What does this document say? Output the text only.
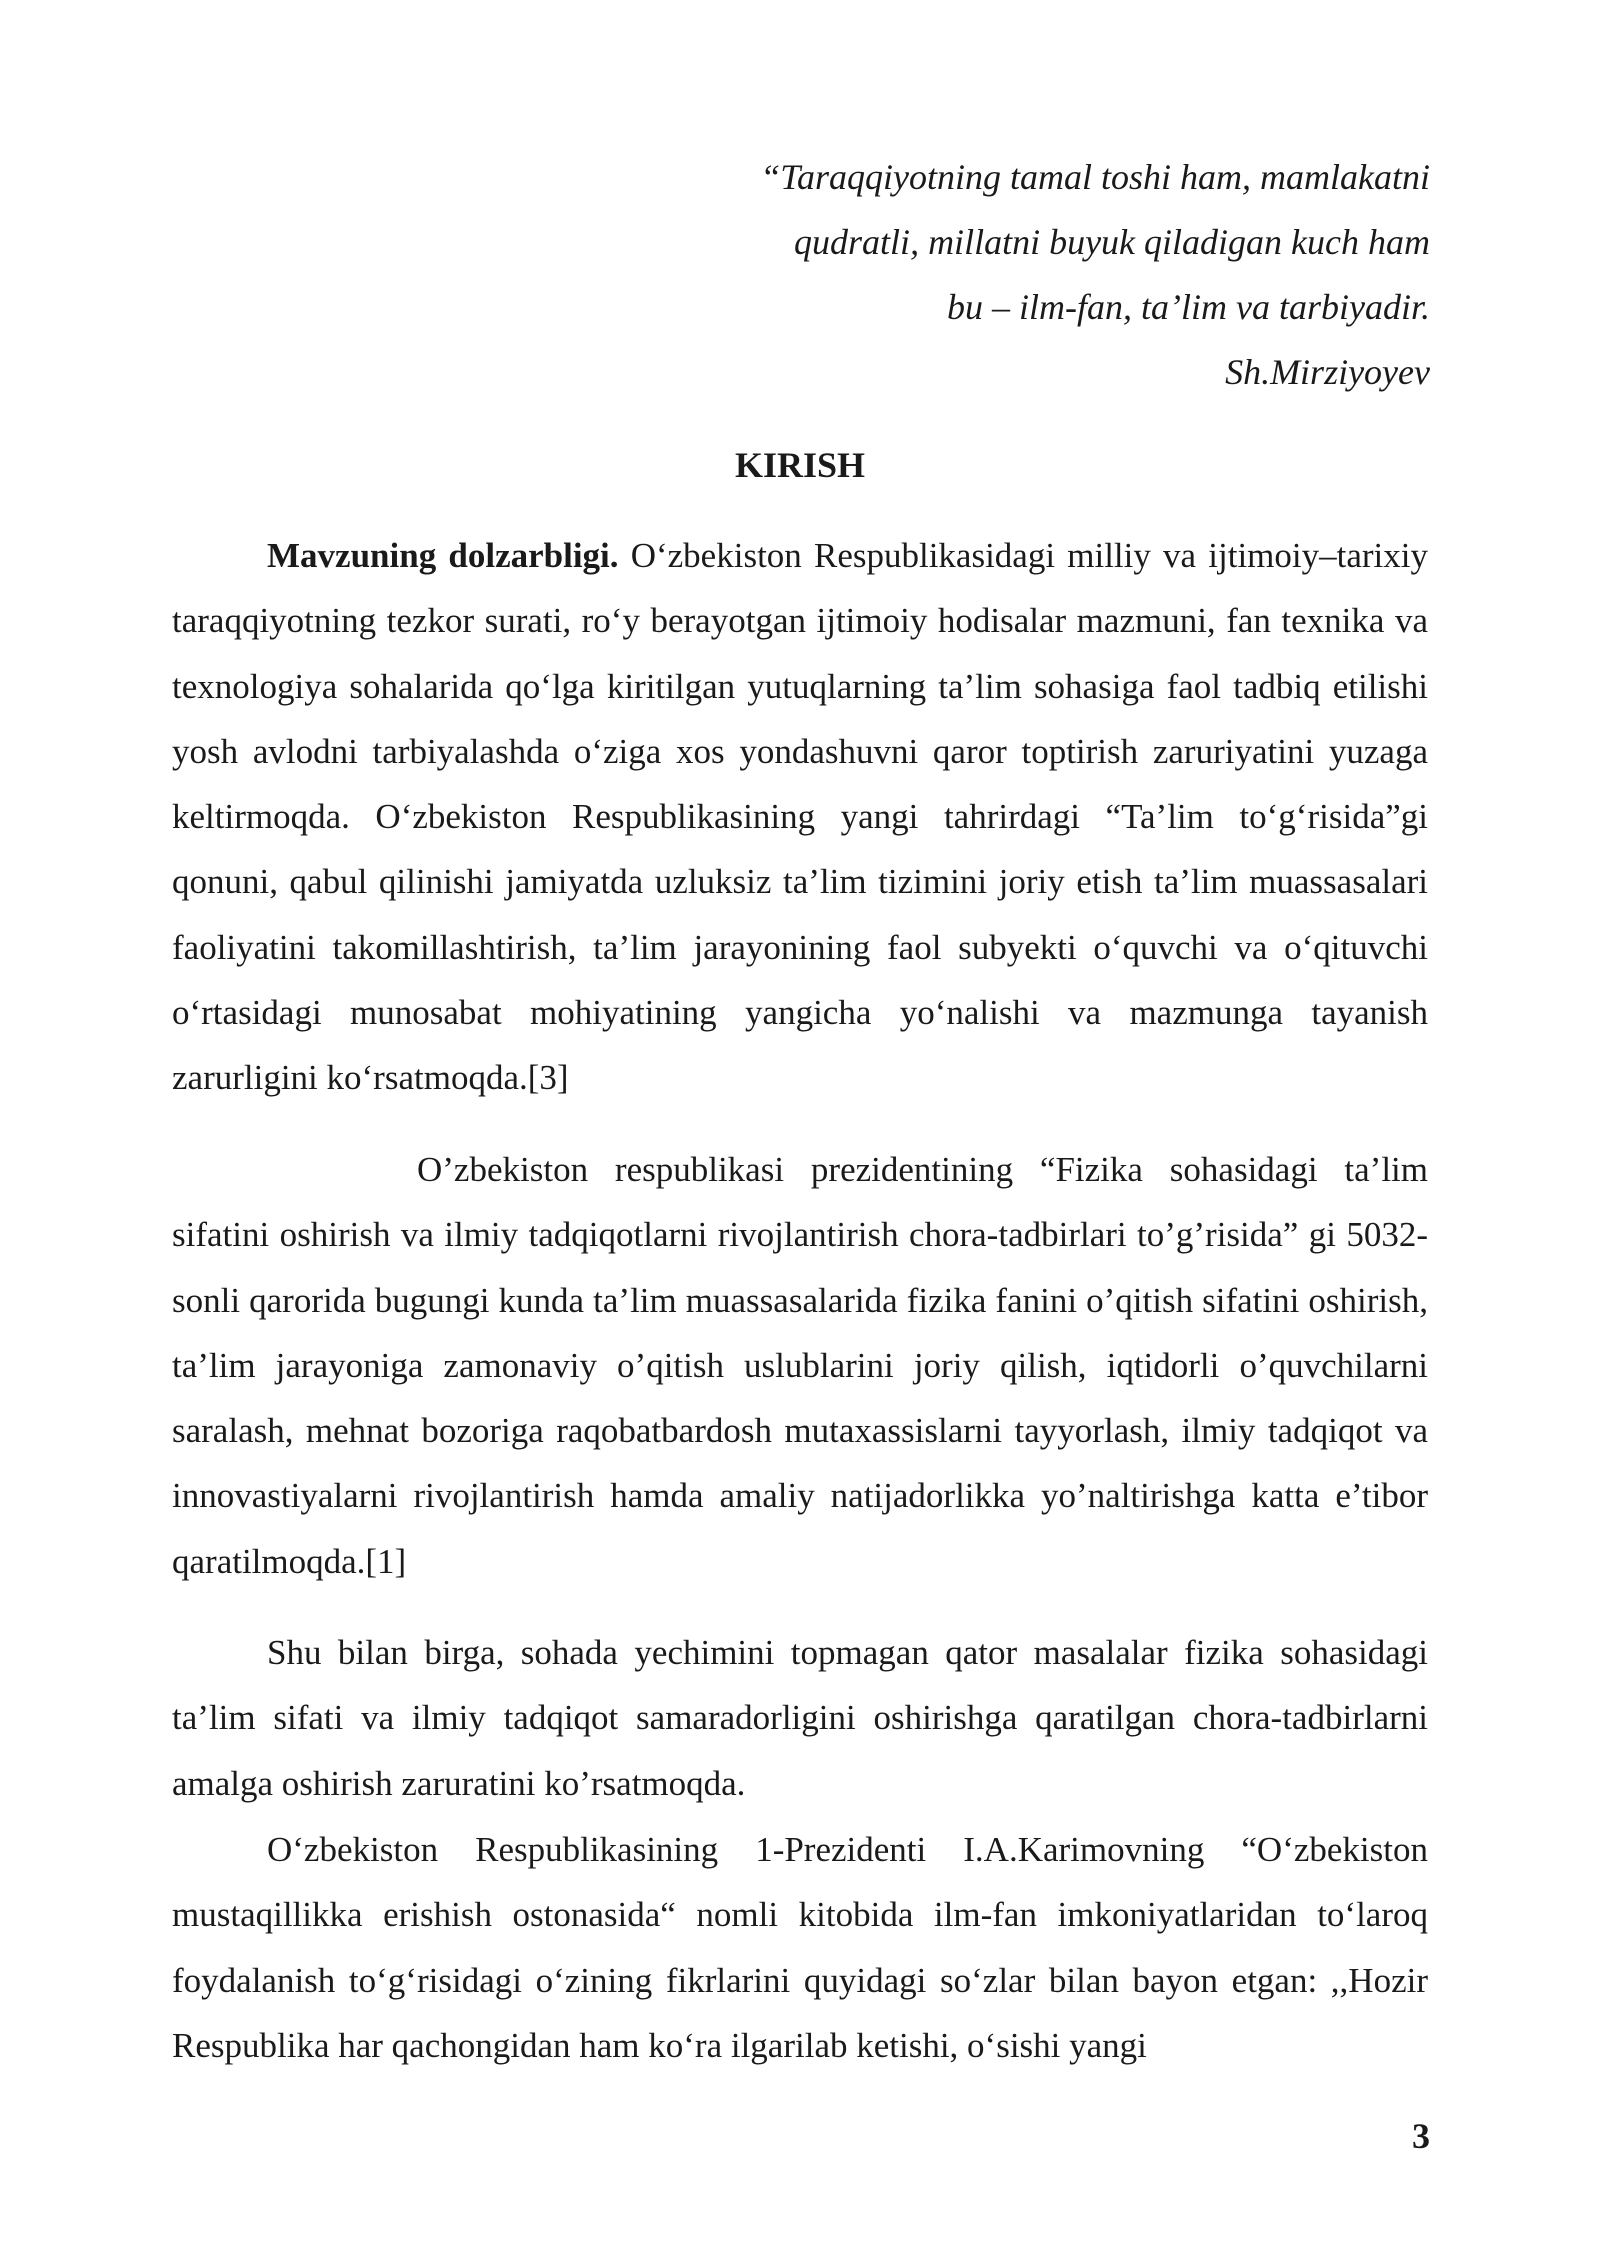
“Taraqqiyotning tamal toshi ham, mamlakatni
qudratli, millatni buyuk qiladigan kuch ham
bu – ilm-fan, ta’lim va tarbiyadir.
Sh.Mirziyoyev
KIRISH

Mavzuning dolzarbligi. O‘zbekiston Respublikasidagi milliy va ijtimoiy–tarixiy taraqqiyotning tezkor surati, ro‘y berayotgan ijtimoiy hodisalar mazmuni, fan texnika va texnologiya sohalarida qo‘lga kiritilgan yutuqlarning ta’lim sohasiga faol tadbiq etilishi yosh avlodni tarbiyalashda o‘ziga xos yondashuvni qaror toptirish zaruriyatini yuzaga keltirmoqda. O‘zbekiston Respublikasining yangi tahrirdagi “Ta’lim to‘g‘risida”gi qonuni, qabul qilinishi jamiyatda uzluksiz ta’lim tizimini joriy etish ta’lim muassasalari faoliyatini takomillashtirish, ta’lim jarayonining faol subyekti o‘quvchi va o‘qituvchi o‘rtasidagi munosabat mohiyatining yangicha yo‘nalishi va mazmunga tayanish zarurligini ko‘rsatmoqda.[3]

O’zbekiston respublikasi prezidentining “Fizika sohasidagi ta’lim sifatini oshirish va ilmiy tadqiqotlarni rivojlantirish chora-tadbirlari to’g’risida” gi 5032-sonli qarorida bugungi kunda ta’lim muassasalarida fizika fanini o’qitish sifatini oshirish, ta’lim jarayoniga zamonaviy o’qitish uslublarini joriy qilish, iqtidorli o’quvchilarni saralash, mehnat bozoriga raqobatbardosh mutaxassislarni tayyorlash, ilmiy tadqiqot va innovastiyalarni rivojlantirish hamda amaliy natijadorlikka yo’naltirishga katta e’tibor qaratilmoqda.[1]

Shu bilan birga, sohada yechimini topmagan qator masalalar fizika sohasidagi ta’lim sifati va ilmiy tadqiqot samaradorligini oshirishga qaratilgan chora-tadbirlarni amalga oshirish zaruratini ko’rsatmoqda.

O‘zbekiston Respublikasining 1-Prezidenti I.A.Karimovning “O‘zbekiston mustaqillikka erishish ostonasida“ nomli kitobida ilm-fan imkoniyatlaridan to‘laroq foydalanish to‘g‘risidagi o‘zining fikrlarini quyidagi so‘zlar bilan bayon etgan: ,,Hozir Respublika har qachongidan ham ko‘ra ilgarilab ketishi, o‘sishi yangi

3
